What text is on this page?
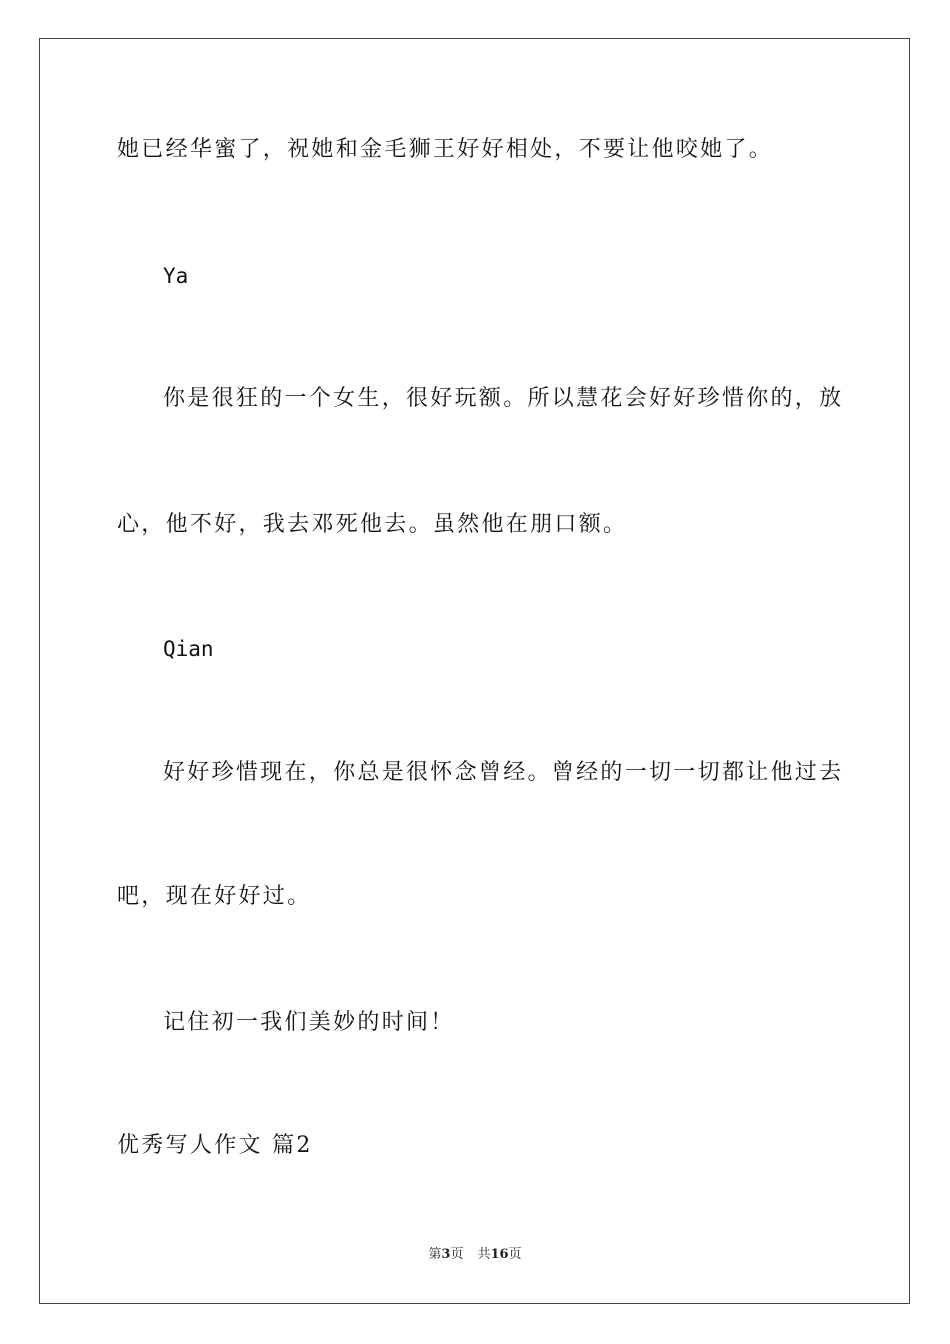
她已经华蜜了，祝她和金毛狮王好好相处，不要让他咬她了。
Ya
你是很狂的一个女生，很好玩额。所以慧花会好好珍惜你的，放
心，他不好，我去邓死他去。虽然他在朋口额。
Qian
好好珍惜现在，你总是很怀念曾经。曾经的一切一切都让他过去
吧，现在好好过。
记住初一我们美妙的时间！
优秀写人作文 篇2
第3页 共16页
